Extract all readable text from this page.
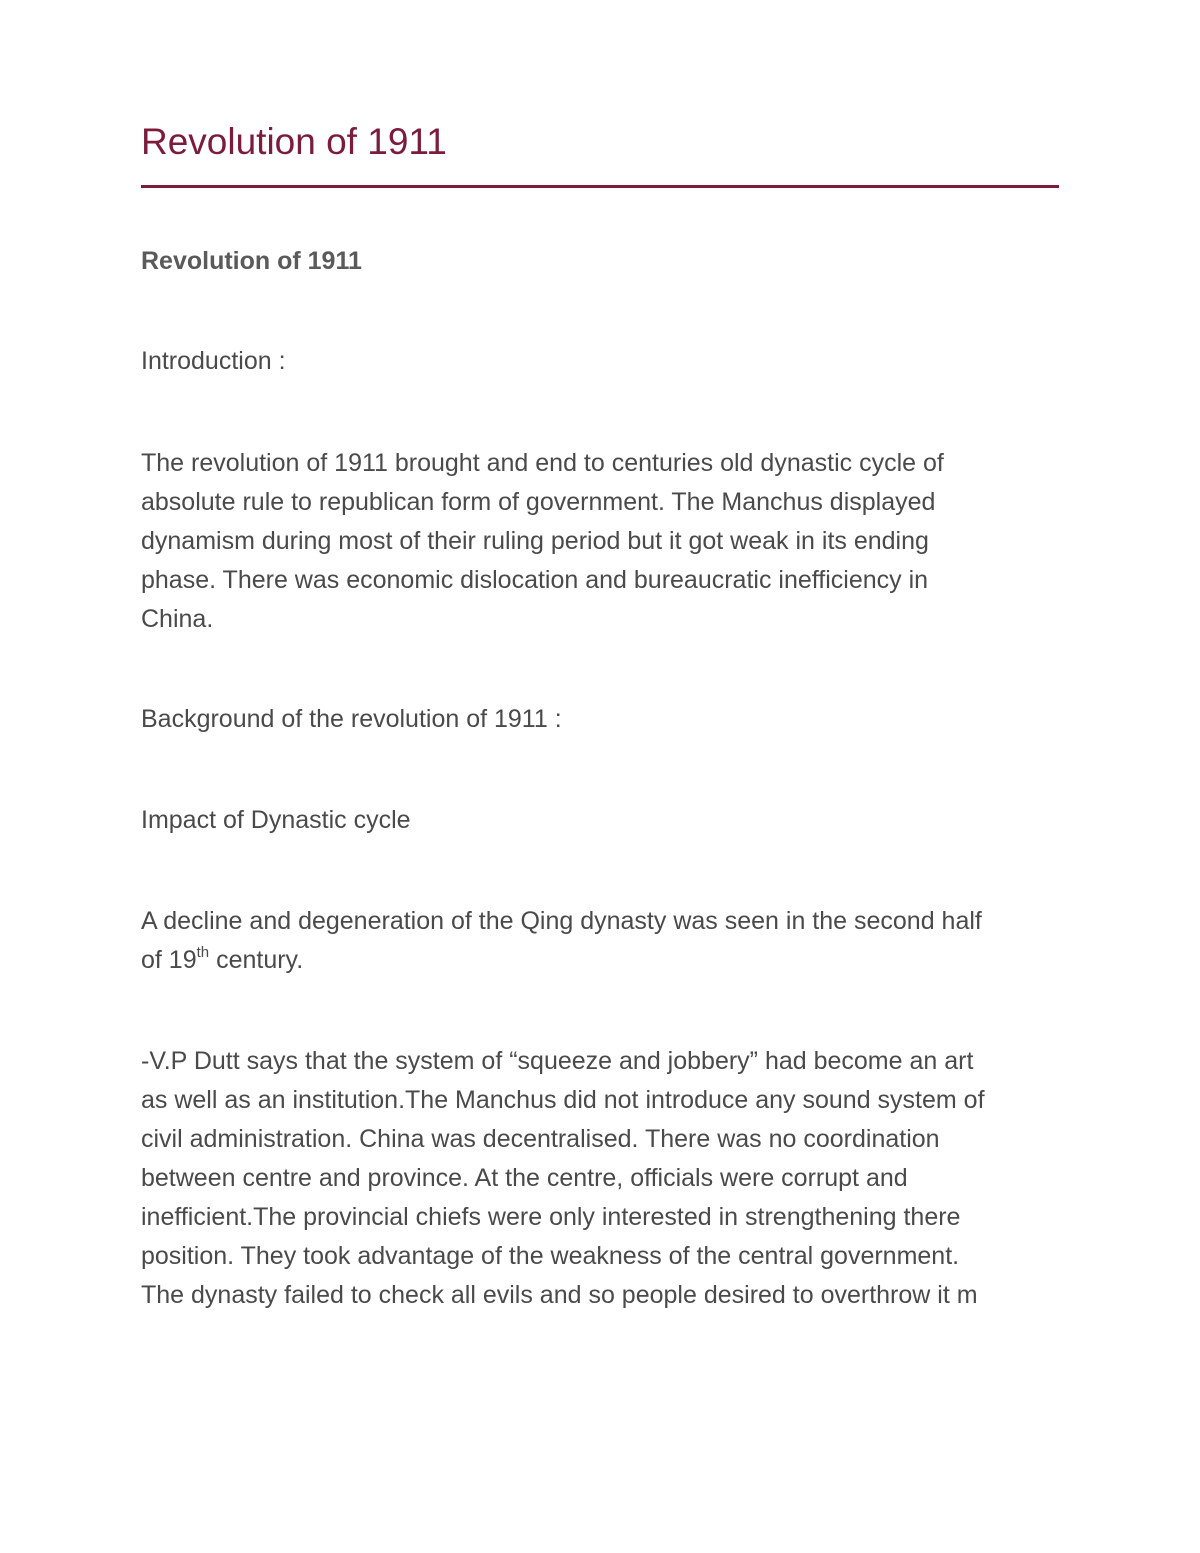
Revolution of 1911

Revolution of 1911

Introduction :

The revolution of 1911 brought and end to centuries old dynastic cycle of

absolute rule to republican form of government. The Manchus displayed

dynamism during most of their ruling period but it got weak in its ending

phase. There was economic dislocation and bureaucratic inefficiency in

China.

Background of the revolution of 1911 :

Impact of Dynastic cycle

A decline and degeneration of the Qing dynasty was seen in the second half

of 19th century.

-V.P Dutt says that the system of “squeeze and jobbery” had become an art

as well as an institution.The Manchus did not introduce any sound system of

civil administration. China was decentralised. There was no coordination

between centre and province. At the centre, officials were corrupt and

inefficient.The provincial chiefs were only interested in strengthening there

position. They took advantage of the weakness of the central government.

The dynasty failed to check all evils and so people desired to overthrow it m
